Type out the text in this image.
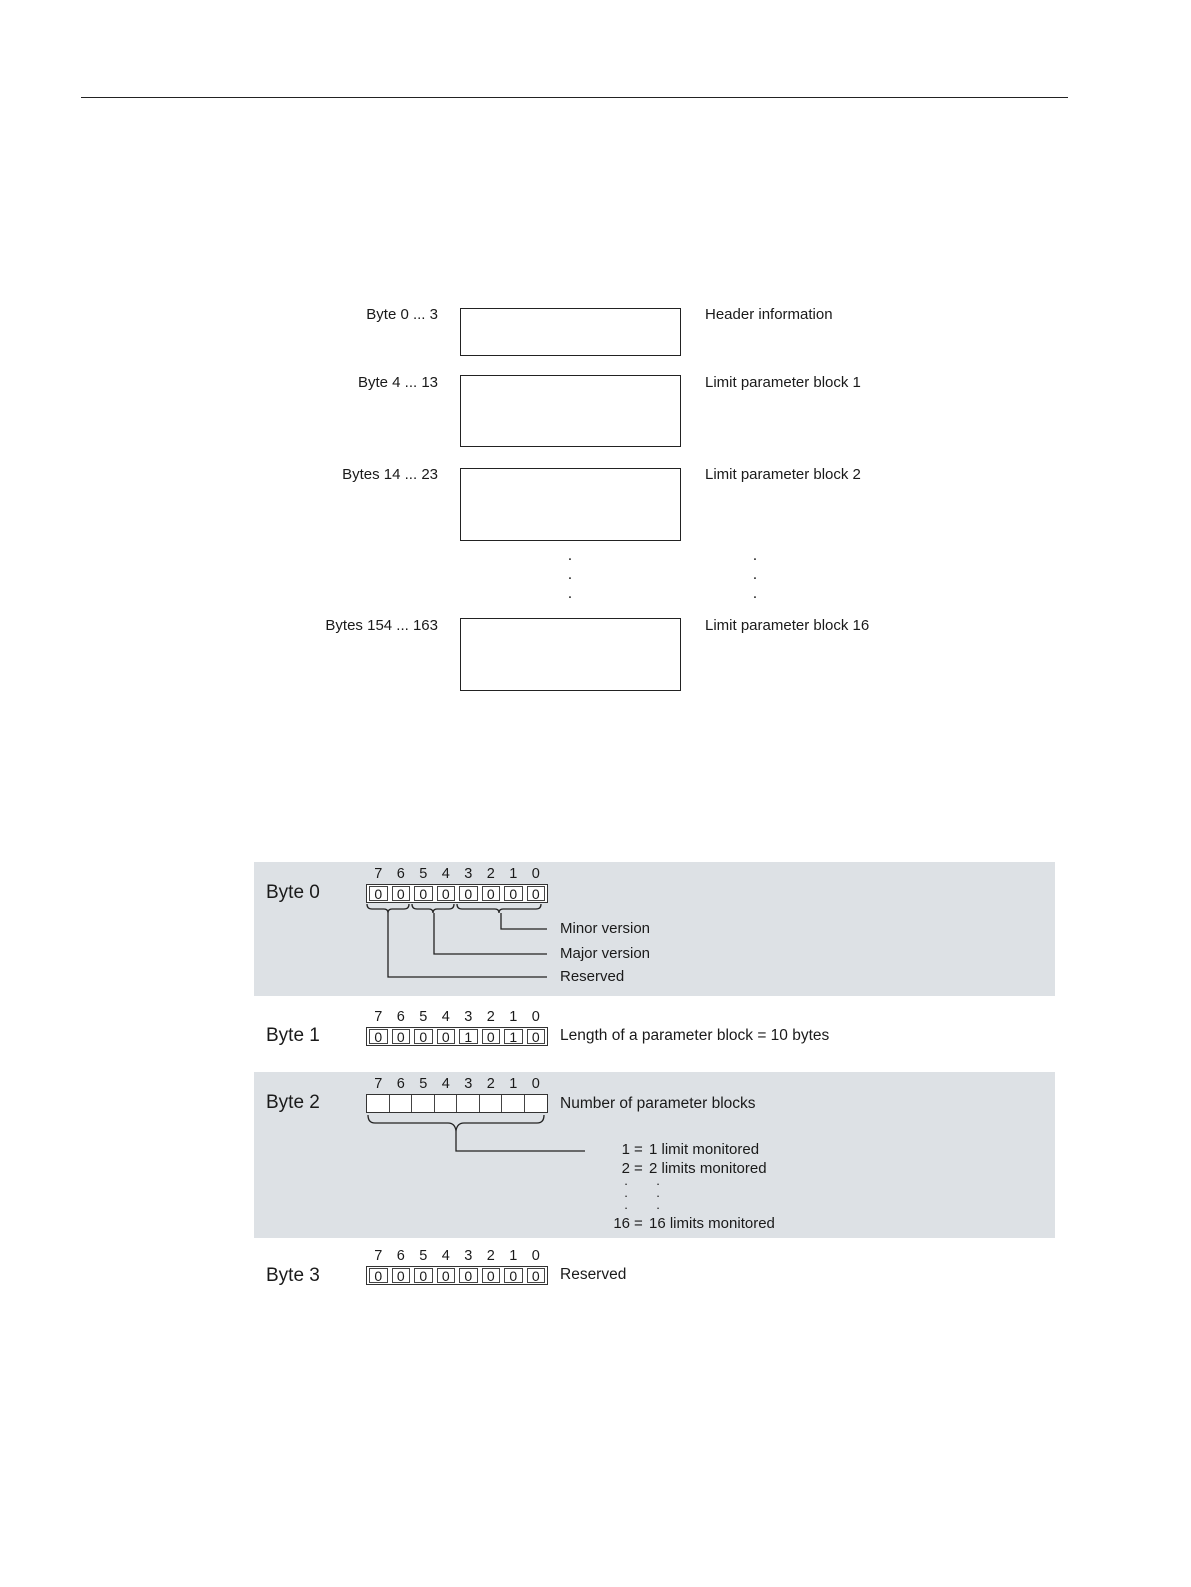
Byte 0 ... 3	Header information
Byte 4 ... 13	Limit parameter block 1
Bytes 14 ... 23	Limit parameter block 2
.
.
.
.
.
.
Bytes 154 ... 163	Limit parameter block 16
Byte 0
7 6 5 4 3 2 1 0
0	0	0	0	0	0	0	0
Minor version
Major version
Reserved
Byte 1
7 6 5 4 3 2 1 0
0	0	0	0	1	0	1	0	Length of a parameter block = 10 bytes
Byte 2
7 6 5 4 3 2 1 0
Number of parameter blocks
1 = 1 limit monitored
2 = 2 limits monitored
.
.
.
.
.
.
16 = 16 limits monitored
Byte 3
7 6 5 4 3 2 1 0
0	0	0	0	0	0	0	0	Reserved
